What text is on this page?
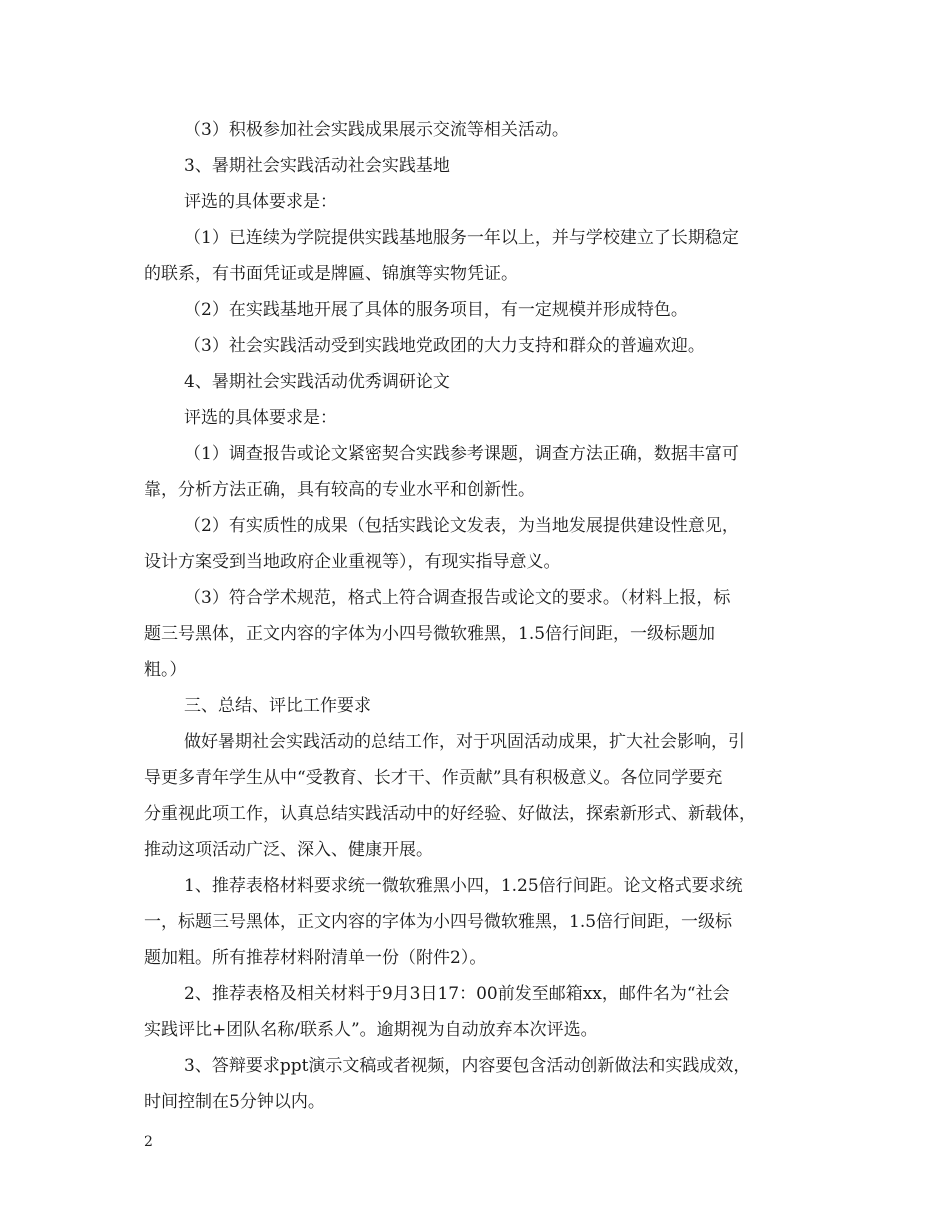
（3）积极参加社会实践成果展示交流等相关活动。
3、暑期社会实践活动社会实践基地
评选的具体要求是：
（1）已连续为学院提供实践基地服务一年以上，并与学校建立了长期稳定
的联系，有书面凭证或是牌匾、锦旗等实物凭证。
（2）在实践基地开展了具体的服务项目，有一定规模并形成特色。
（3）社会实践活动受到实践地党政团的大力支持和群众的普遍欢迎。
4、暑期社会实践活动优秀调研论文
评选的具体要求是：
（1）调查报告或论文紧密契合实践参考课题，调查方法正确，数据丰富可
靠，分析方法正确，具有较高的专业水平和创新性。
（2）有实质性的成果（包括实践论文发表，为当地发展提供建设性意见，
设计方案受到当地政府企业重视等），有现实指导意义。
（3）符合学术规范，格式上符合调查报告或论文的要求。（材料上报，标
题三号黑体，正文内容的字体为小四号微软雅黑，1.5倍行间距，一级标题加
粗。）
三、总结、评比工作要求
做好暑期社会实践活动的总结工作，对于巩固活动成果，扩大社会影响，引
导更多青年学生从中“受教育、长才干、作贡献”具有积极意义。各位同学要充
分重视此项工作，认真总结实践活动中的好经验、好做法，探索新形式、新载体，
推动这项活动广泛、深入、健康开展。
1、推荐表格材料要求统一微软雅黑小四，1.25倍行间距。论文格式要求统
一，标题三号黑体，正文内容的字体为小四号微软雅黑，1.5倍行间距，一级标
题加粗。所有推荐材料附清单一份（附件2）。
2、推荐表格及相关材料于9月3日17：00前发至邮箱xx，邮件名为“社会
实践评比+团队名称/联系人”。逾期视为自动放弃本次评选。
3、答辩要求ppt演示文稿或者视频，内容要包含活动创新做法和实践成效，
时间控制在5分钟以内。
2
